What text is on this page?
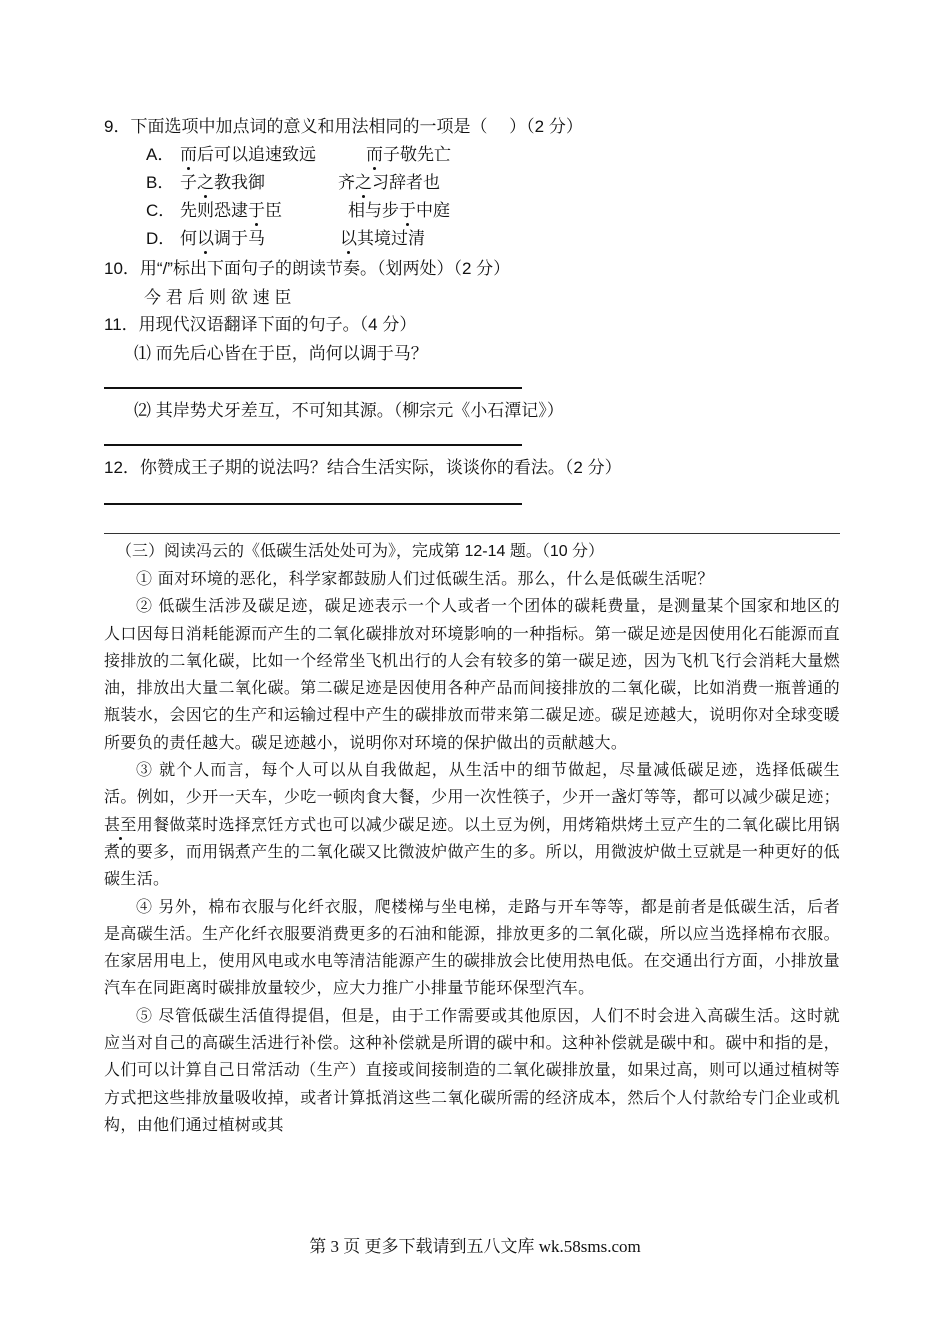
9．下面选项中加点词的意义和用法相同的一项是（　 ）（2 分）
A． 而后可以追速致远	而子敬先亡
B． 子之教我御	齐之习辞者也
C． 先则恐逮于臣	相与步于中庭
D． 何以调于马	以其境过清
10．用“/”标出下面句子的朗读节奏。（划两处）（2 分）
今 君 后 则 欲 速 臣
11．用现代汉语翻译下面的句子。（4 分）
⑴ 而先后心皆在于臣，尚何以调于马？
⑵ 其岸势犬牙差互，不可知其源。（柳宗元《小石潭记》）
12．你赞成王子期的说法吗？结合生活实际，谈谈你的看法。（2 分）
（三）阅读冯云的《低碳生活处处可为》，完成第 12-14 题。（10 分）

① 面对环境的恶化，科学家都鼓励人们过低碳生活。那么，什么是低碳生活呢？

② 低碳生活涉及碳足迹，碳足迹表示一个人或者一个团体的碳耗费量，是测量某个国家和地区的人口因每日消耗能源而产生的二氧化碳排放对环境影响的一种指标。第一碳足迹是因使用化石能源而直接排放的二氧化碳，比如一个经常坐飞机出行的人会有较多的第一碳足迹，因为飞机飞行会消耗大量燃油，排放出大量二氧化碳。第二碳足迹是因使用各种产品而间接排放的二氧化碳，比如消费一瓶普通的瓶装水，会因它的生产和运输过程中产生的碳排放而带来第二碳足迹。碳足迹越大，说明你对全球变暖所要负的责任越大。碳足迹越小，说明你对环境的保护做出的贡献越大。

③ 就个人而言，每个人可以从自我做起，从生活中的细节做起，尽量减低碳足迹，选择低碳生活。例如，少开一天车，少吃一顿肉食大餐，少用一次性筷子，少开一盏灯等等，都可以减少碳足迹；甚至用餐做菜时选择烹饪方式也可以减少碳足迹。以土豆为例，用烤箱烘烤土豆产生的二氧化碳比用锅煮的要多，而用锅煮产生的二氧化碳又比微波炉做产生的多。所以，用微波炉做土豆就是一种更好的低碳生活。

④ 另外，棉布衣服与化纤衣服，爬楼梯与坐电梯，走路与开车等等，都是前者是低碳生活，后者是高碳生活。生产化纤衣服要消费更多的石油和能源，排放更多的二氧化碳，所以应当选择棉布衣服。在家居用电上，使用风电或水电等清洁能源产生的碳排放会比使用热电低。在交通出行方面，小排放量汽车在同距离时碳排放量较少，应大力推广小排量节能环保型汽车。

⑤ 尽管低碳生活值得提倡，但是，由于工作需要或其他原因，人们不时会进入高碳生活。这时就应当对自己的高碳生活进行补偿。这种补偿就是所谓的碳中和。这种补偿就是碳中和。碳中和指的是，人们可以计算自己日常活动（生产）直接或间接制造的二氧化碳排放量，如果过高，则可以通过植树等方式把这些排放量吸收掉，或者计算抵消这些二氧化碳所需的经济成本，然后个人付款给专门企业或机构，由他们通过植树或其

第 3 页 更多下载请到五八文库 wk.58sms.com
